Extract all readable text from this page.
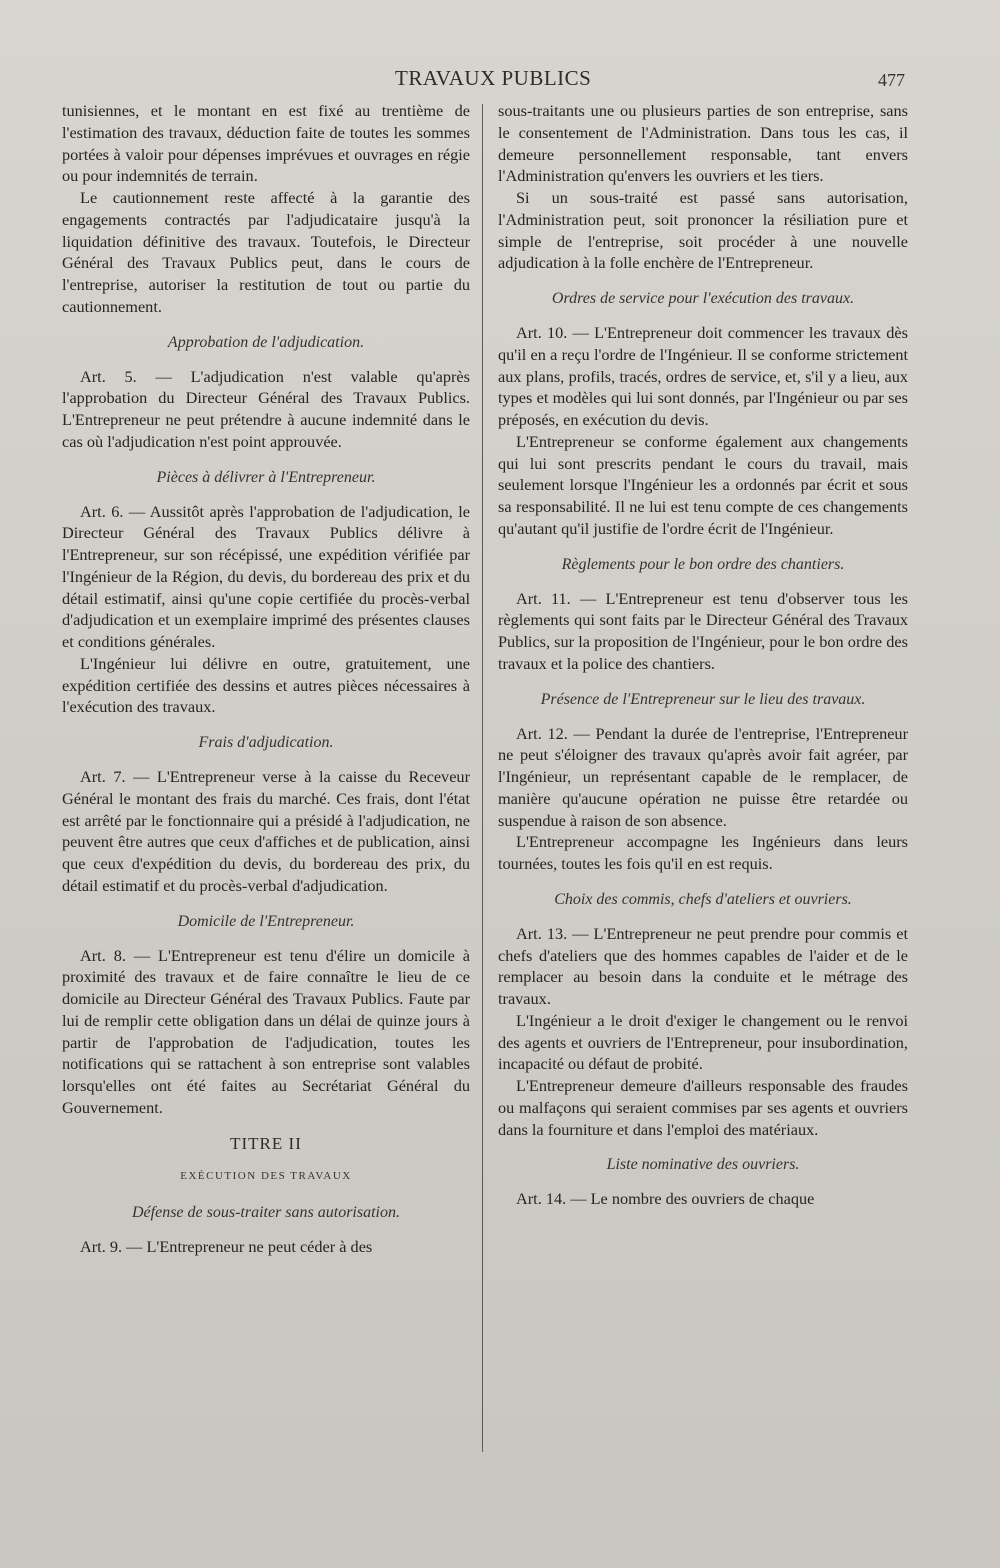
TRAVAUX PUBLICS	477

tunisiennes, et le montant en est fixé au trentième de l'estimation des travaux, déduction faite de toutes les sommes portées à valoir pour dépenses imprévues et ouvrages en régie ou pour indemnités de terrain.

Le cautionnement reste affecté à la garantie des engagements contractés par l'adjudicataire jusqu'à la liquidation définitive des travaux. Toutefois, le Directeur Général des Travaux Publics peut, dans le cours de l'entreprise, autoriser la restitution de tout ou partie du cautionnement.

Approbation de l'adjudication.

Art. 5. — L'adjudication n'est valable qu'après l'approbation du Directeur Général des Travaux Publics. L'Entrepreneur ne peut prétendre à aucune indemnité dans le cas où l'adjudication n'est point approuvée.

Pièces à délivrer à l'Entrepreneur.

Art. 6. — Aussitôt après l'approbation de l'adjudication, le Directeur Général des Travaux Publics délivre à l'Entrepreneur, sur son récépissé, une expédition vérifiée par l'Ingénieur de la Région, du devis, du bordereau des prix et du détail estimatif, ainsi qu'une copie certifiée du procès-verbal d'adjudication et un exemplaire imprimé des présentes clauses et conditions générales.

L'Ingénieur lui délivre en outre, gratuitement, une expédition certifiée des dessins et autres pièces nécessaires à l'exécution des travaux.

Frais d'adjudication.

Art. 7. — L'Entrepreneur verse à la caisse du Receveur Général le montant des frais du marché. Ces frais, dont l'état est arrêté par le fonctionnaire qui a présidé à l'adjudication, ne peuvent être autres que ceux d'affiches et de publication, ainsi que ceux d'expédition du devis, du bordereau des prix, du détail estimatif et du procès-verbal d'adjudication.

Domicile de l'Entrepreneur.

Art. 8. — L'Entrepreneur est tenu d'élire un domicile à proximité des travaux et de faire connaître le lieu de ce domicile au Directeur Général des Travaux Publics. Faute par lui de remplir cette obligation dans un délai de quinze jours à partir de l'approbation de l'adjudication, toutes les notifications qui se rattachent à son entreprise sont valables lorsqu'elles ont été faites au Secrétariat Général du Gouvernement.

TITRE II
EXÉCUTION DES TRAVAUX
Défense de sous-traiter sans autorisation.

Art. 9. — L'Entrepreneur ne peut céder à des

sous-traitants une ou plusieurs parties de son entreprise, sans le consentement de l'Administration. Dans tous les cas, il demeure personnellement responsable, tant envers l'Administration qu'envers les ouvriers et les tiers.

Si un sous-traité est passé sans autorisation, l'Administration peut, soit prononcer la résiliation pure et simple de l'entreprise, soit procéder à une nouvelle adjudication à la folle enchère de l'Entrepreneur.

Ordres de service pour l'exécution des travaux.

Art. 10. — L'Entrepreneur doit commencer les travaux dès qu'il en a reçu l'ordre de l'Ingénieur. Il se conforme strictement aux plans, profils, tracés, ordres de service, et, s'il y a lieu, aux types et modèles qui lui sont donnés, par l'Ingénieur ou par ses préposés, en exécution du devis.

L'Entrepreneur se conforme également aux changements qui lui sont prescrits pendant le cours du travail, mais seulement lorsque l'Ingénieur les a ordonnés par écrit et sous sa responsabilité. Il ne lui est tenu compte de ces changements qu'autant qu'il justifie de l'ordre écrit de l'Ingénieur.

Règlements pour le bon ordre des chantiers.

Art. 11. — L'Entrepreneur est tenu d'observer tous les règlements qui sont faits par le Directeur Général des Travaux Publics, sur la proposition de l'Ingénieur, pour le bon ordre des travaux et la police des chantiers.

Présence de l'Entrepreneur sur le lieu des travaux.

Art. 12. — Pendant la durée de l'entreprise, l'Entrepreneur ne peut s'éloigner des travaux qu'après avoir fait agréer, par l'Ingénieur, un représentant capable de le remplacer, de manière qu'aucune opération ne puisse être retardée ou suspendue à raison de son absence.

L'Entrepreneur accompagne les Ingénieurs dans leurs tournées, toutes les fois qu'il en est requis.

Choix des commis, chefs d'ateliers et ouvriers.

Art. 13. — L'Entrepreneur ne peut prendre pour commis et chefs d'ateliers que des hommes capables de l'aider et de le remplacer au besoin dans la conduite et le métrage des travaux.

L'Ingénieur a le droit d'exiger le changement ou le renvoi des agents et ouvriers de l'Entrepreneur, pour insubordination, incapacité ou défaut de probité.

L'Entrepreneur demeure d'ailleurs responsable des fraudes ou malfaçons qui seraient commises par ses agents et ouvriers dans la fourniture et dans l'emploi des matériaux.

Liste nominative des ouvriers.

Art. 14. — Le nombre des ouvriers de chaque
